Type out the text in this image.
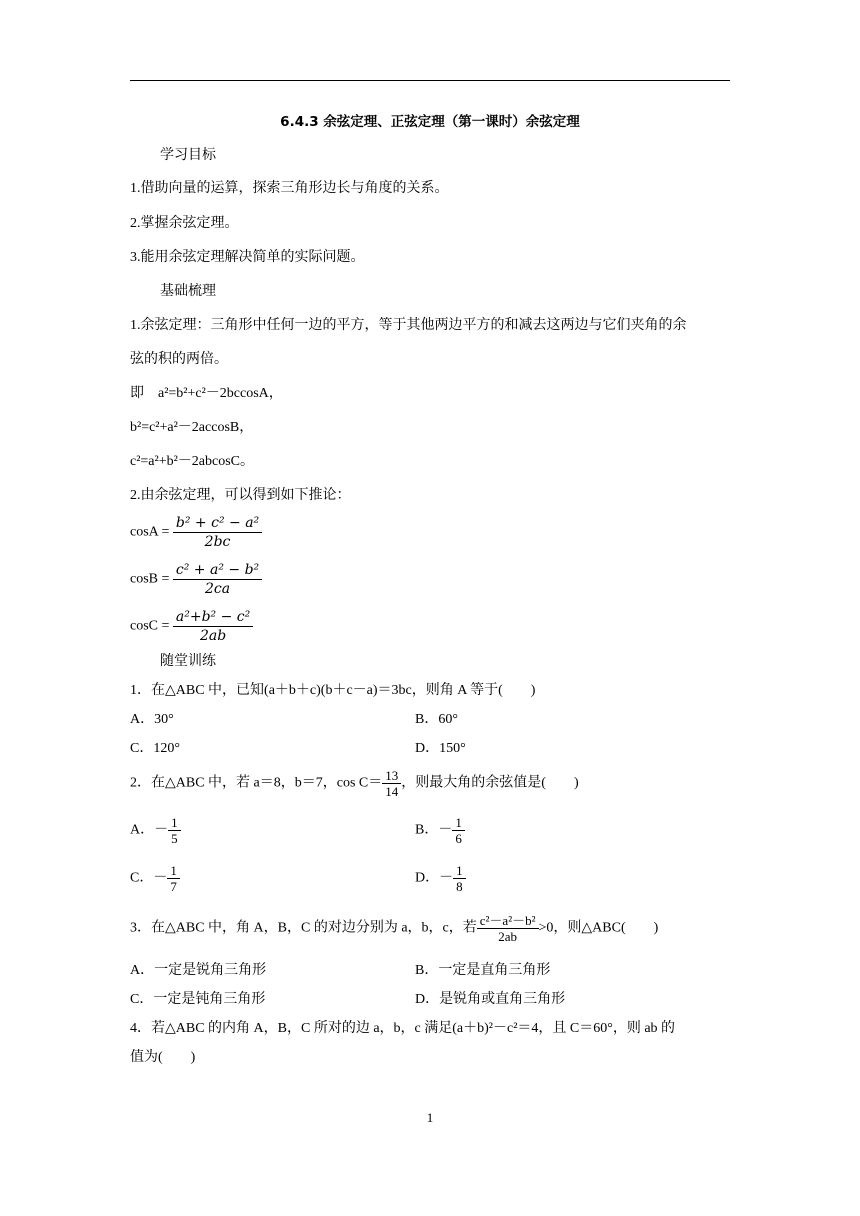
6.4.3 余弦定理、正弦定理（第一课时）余弦定理
学习目标
1.借助向量的运算，探索三角形边长与角度的关系。
2.掌握余弦定理。
3.能用余弦定理解决简单的实际问题。
基础梳理
1.余弦定理：三角形中任何一边的平方，等于其他两边平方的和减去这两边与它们夹角的余
弦的积的两倍。
即 a²=b²+c²－2bccosA，
b²=c²+a²－2accosB，
c²=a²+b²－2abcosC。
2.由余弦定理，可以得到如下推论：
$\cos A = \frac{\text{b² + c² − a²}}{2bc}$
$\cos B = \frac{\text{c² + a² − b²}}{2ca}$
$\cos C = \frac{\text{a²+b² − c²}}{2ab}$
随堂训练
1．在△ABC 中，已知(a＋b＋c)(b＋c－a)＝3bc，则角 A 等于(　　)
A．30°	B．60°
C．120°	D．150°
2．在△ABC 中，若 a＝8，b＝7，$\cos C= \frac{13}{14}$ ，则最大角的余弦值是(　　)
A．－ $\frac{1}{5}$	B．－ $\frac{1}{6}$
C．－ $\frac{1}{7}$	D．－ $\frac{1}{8}$
3．在△ABC 中，角 A，B，C 的对边分别为 a，b，c，若 $\frac{\text{c²－a²－b²}}{2ab} >0$，则△ABC(　　)
A．一定是锐角三角形	B．一定是直角三角形
C．一定是钝角三角形	D．是锐角或直角三角形
4．若△ABC 的内角 A，B，C 所对的边 a，b，c 满足(a＋b)²－c²＝4，且 C＝60°，则 ab 的
值为(　　)
1
